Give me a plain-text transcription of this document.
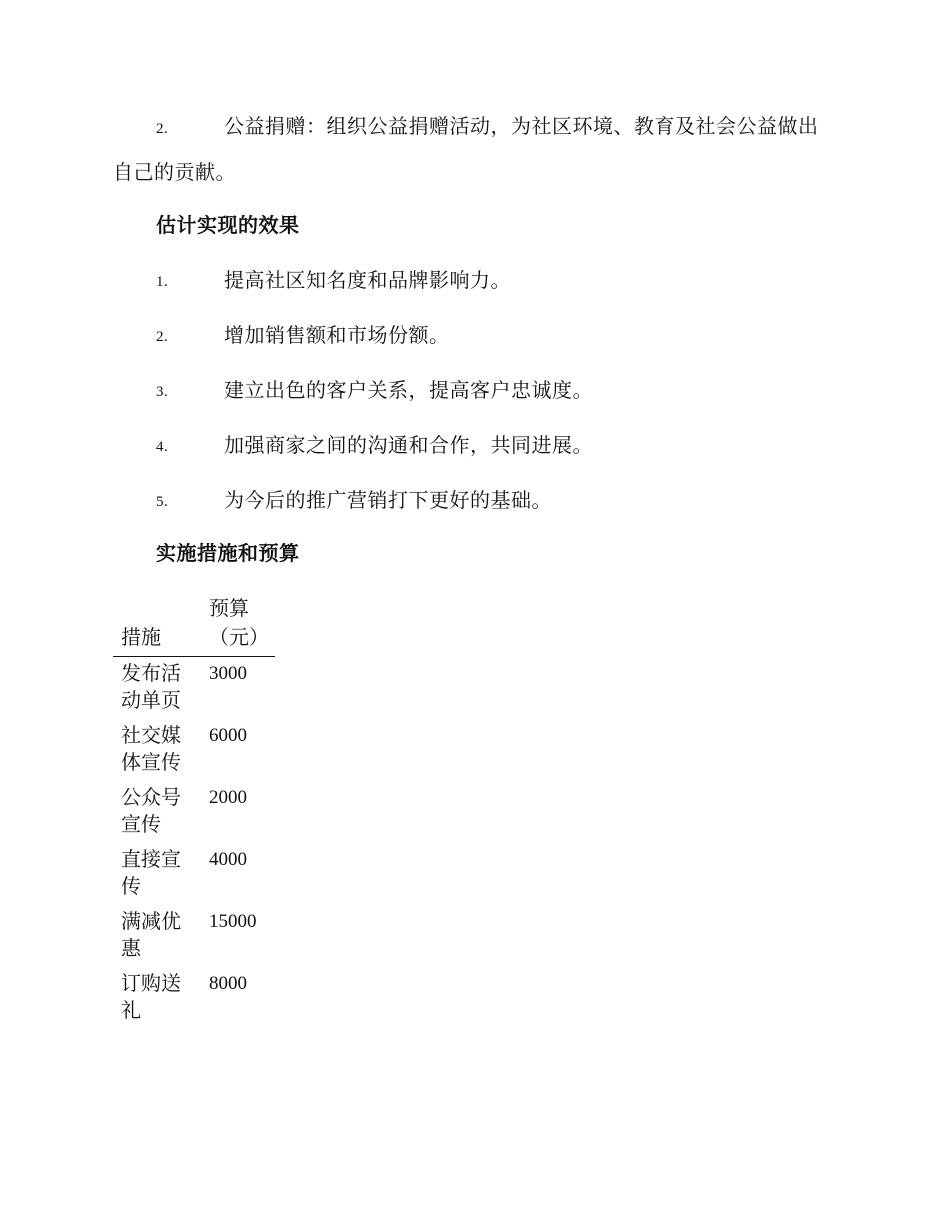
2.	公益捐赠：组织公益捐赠活动，为社区环境、教育及社会公益做出自己的贡献。
估计实现的效果
1.	提高社区知名度和品牌影响力。
2.	增加销售额和市场份额。
3.	建立出色的客户关系，提高客户忠诚度。
4.	加强商家之间的沟通和合作，共同进展。
5.	为今后的推广营销打下更好的基础。
实施措施和预算
措施	预算（元）
发布活动单页	3000
社交媒体宣传	6000
公众号宣传	2000
直接宣传	4000
满减优惠	15000
订购送礼	8000
